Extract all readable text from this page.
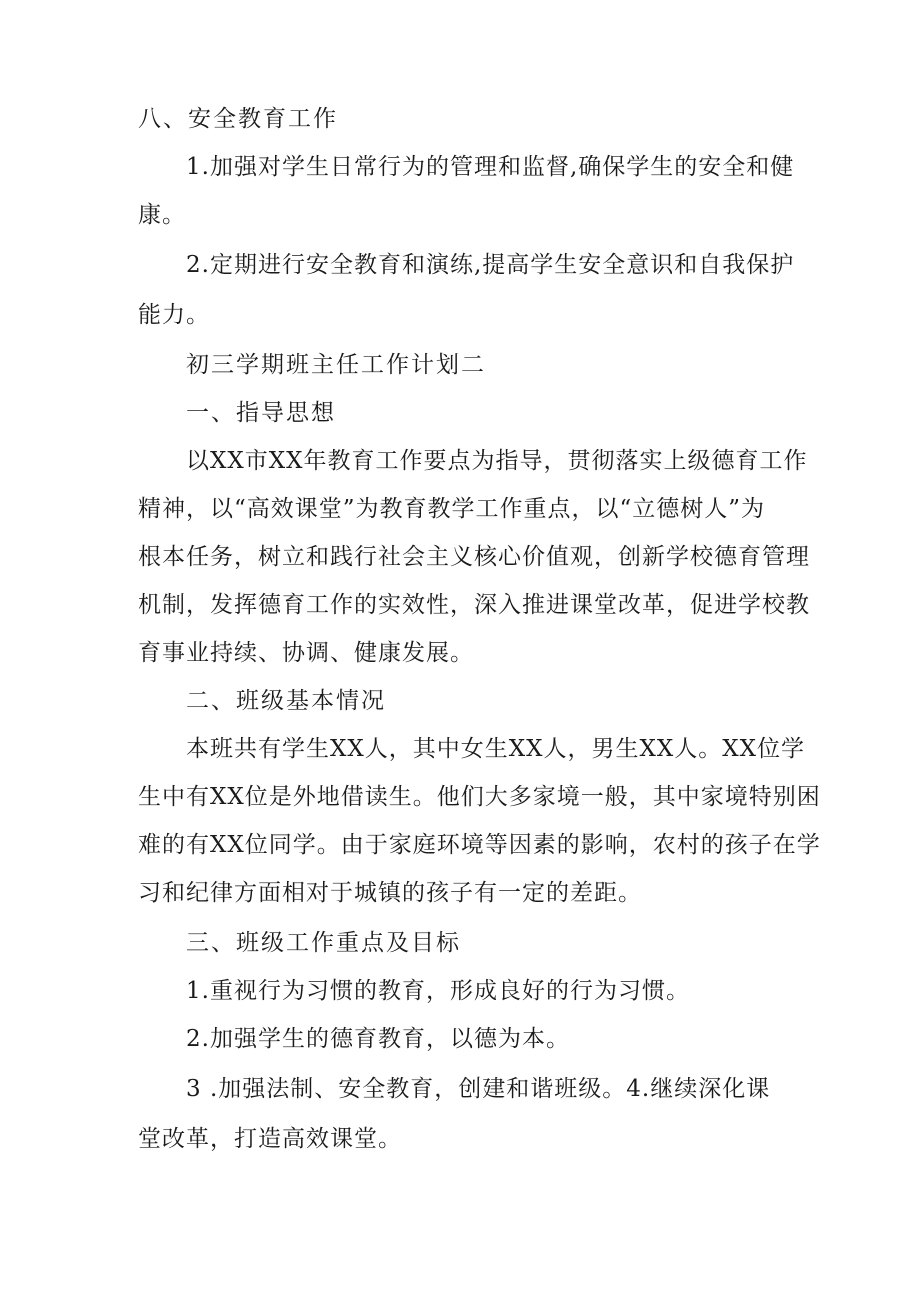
八、安全教育工作
1.加强对学生日常行为的管理和监督,确保学生的安全和健
康。
2.定期进行安全教育和演练,提高学生安全意识和自我保护
能力。
初三学期班主任工作计划二
一、指导思想
以XX市XX年教育工作要点为指导，贯彻落实上级德育工作
精神，以“高效课堂”为教育教学工作重点，以“立德树人”为
根本任务，树立和践行社会主义核心价值观，创新学校德育管理
机制，发挥德育工作的实效性，深入推进课堂改革，促进学校教
育事业持续、协调、健康发展。
二、班级基本情况
本班共有学生XX人，其中女生XX人，男生XX人。XX位学
生中有XX位是外地借读生。他们大多家境一般，其中家境特别困
难的有XX位同学。由于家庭环境等因素的影响，农村的孩子在学
习和纪律方面相对于城镇的孩子有一定的差距。
三、班级工作重点及目标
1.重视行为习惯的教育，形成良好的行为习惯。
2.加强学生的德育教育，以德为本。
3 .加强法制、安全教育，创建和谐班级。4.继续深化课
堂改革，打造高效课堂。
